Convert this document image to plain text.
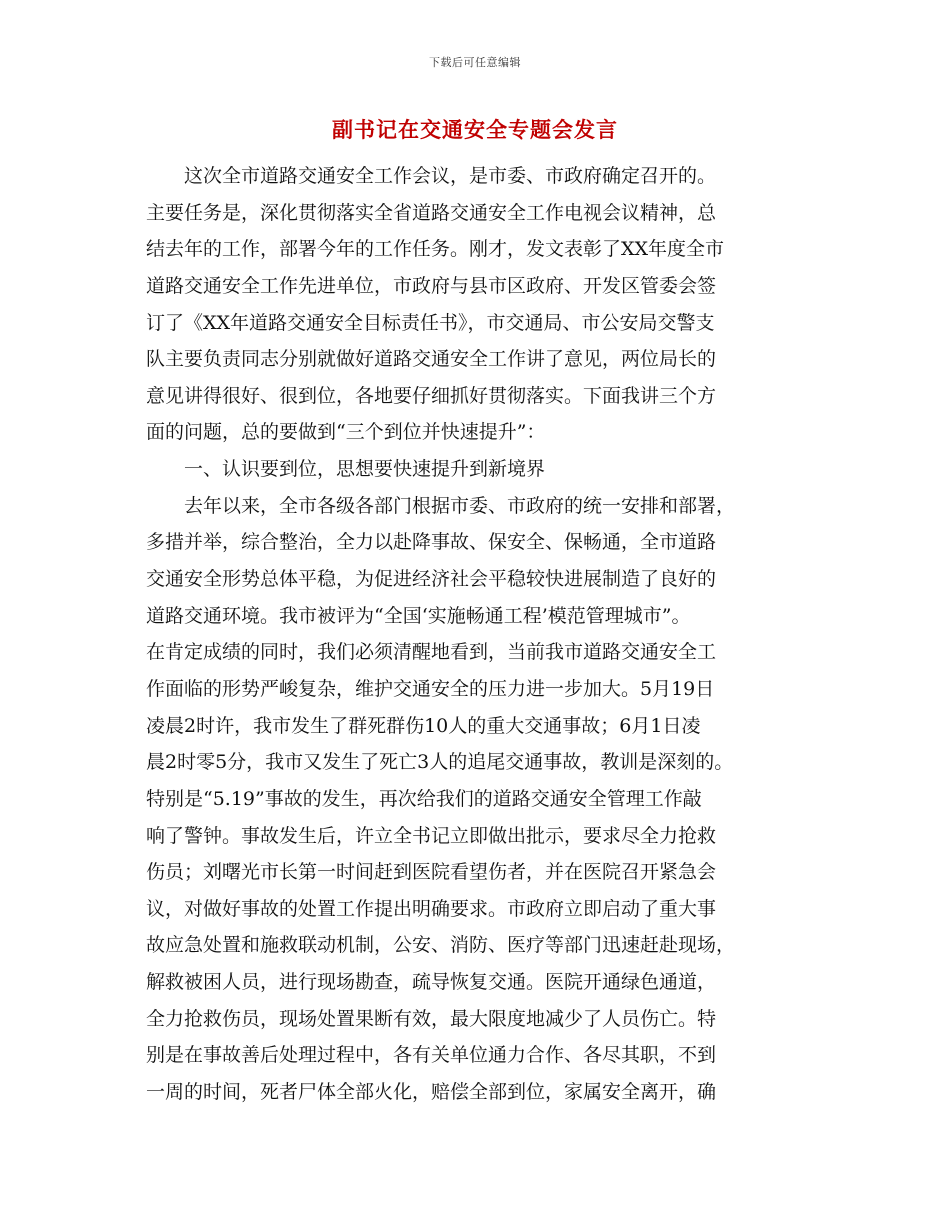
下载后可任意编辑
副书记在交通安全专题会发言
这次全市道路交通安全工作会议，是市委、市政府确定召开的。
主要任务是，深化贯彻落实全省道路交通安全工作电视会议精神，总
结去年的工作，部署今年的工作任务。刚才，发文表彰了XX年度全市
道路交通安全工作先进单位，市政府与县市区政府、开发区管委会签
订了《XX年道路交通安全目标责任书》，市交通局、市公安局交警支
队主要负责同志分别就做好道路交通安全工作讲了意见，两位局长的
意见讲得很好、很到位，各地要仔细抓好贯彻落实。下面我讲三个方
面的问题，总的要做到“三个到位并快速提升”：
一、认识要到位，思想要快速提升到新境界
去年以来，全市各级各部门根据市委、市政府的统一安排和部署，
多措并举，综合整治，全力以赴降事故、保安全、保畅通，全市道路
交通安全形势总体平稳，为促进经济社会平稳较快进展制造了良好的
道路交通环境。我市被评为“全国‘实施畅通工程’模范管理城市”。
在肯定成绩的同时，我们必须清醒地看到，当前我市道路交通安全工
作面临的形势严峻复杂，维护交通安全的压力进一步加大。5月19日
凌晨2时许，我市发生了群死群伤10人的重大交通事故；6月1日凌
晨2时零5分，我市又发生了死亡3人的追尾交通事故，教训是深刻的。
特别是“5.19”事故的发生，再次给我们的道路交通安全管理工作敲
响了警钟。事故发生后，许立全书记立即做出批示，要求尽全力抢救
伤员；刘曙光市长第一时间赶到医院看望伤者，并在医院召开紧急会
议，对做好事故的处置工作提出明确要求。市政府立即启动了重大事
故应急处置和施救联动机制，公安、消防、医疗等部门迅速赶赴现场，
解救被困人员，进行现场勘查，疏导恢复交通。医院开通绿色通道，
全力抢救伤员，现场处置果断有效，最大限度地减少了人员伤亡。特
别是在事故善后处理过程中，各有关单位通力合作、各尽其职，不到
一周的时间，死者尸体全部火化，赔偿全部到位，家属安全离开，确
